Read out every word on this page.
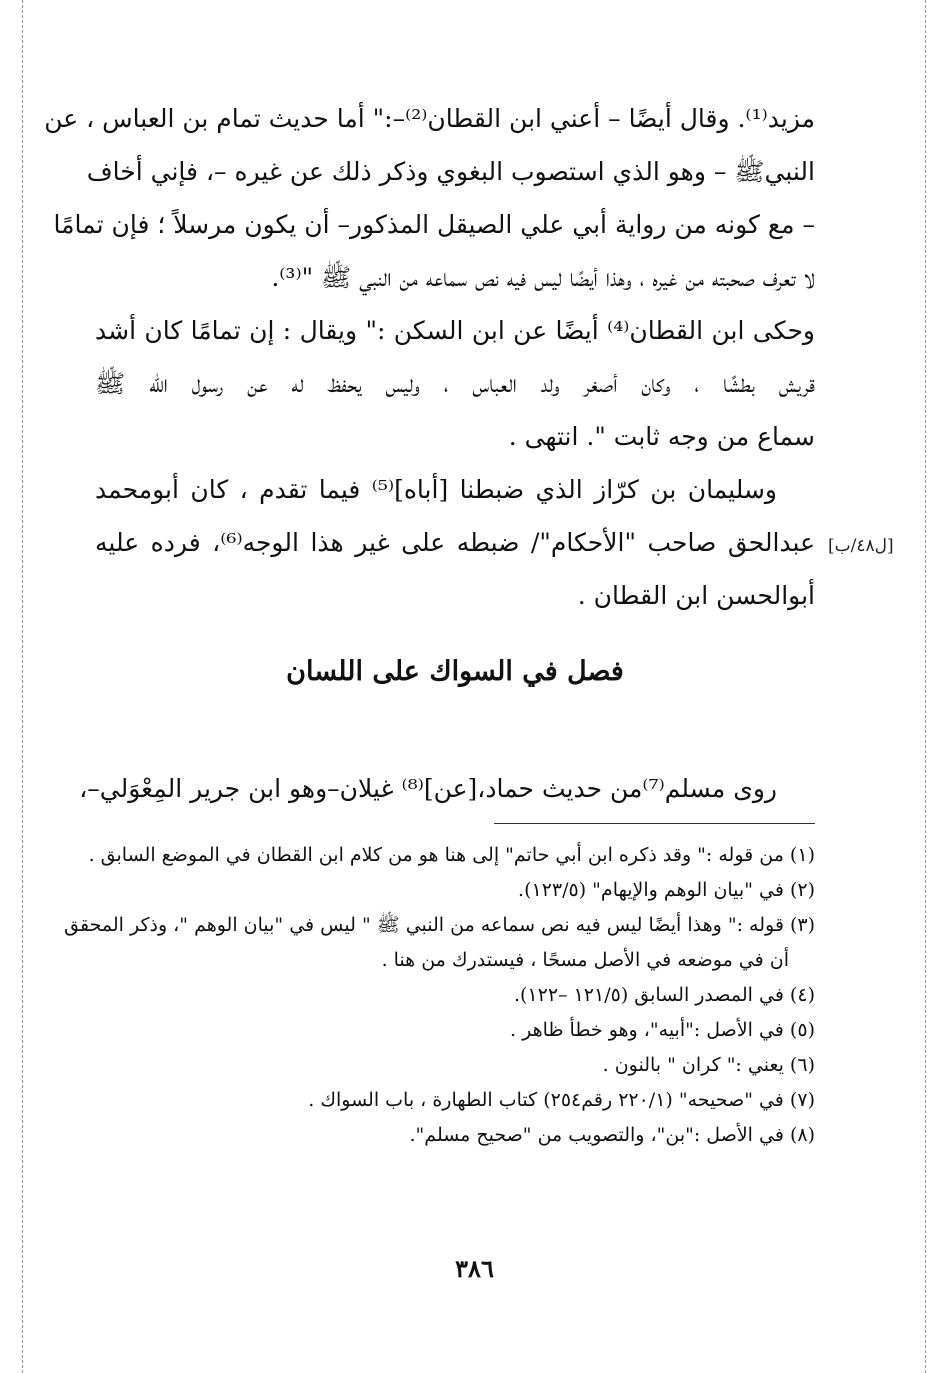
[ل٤٨/ب]
مزيد⁽¹⁾. وقال أيضًا – أعني ابن القطان⁽²⁾–:" أما حديث تمام بن العباس ، عن
النبيﷺ – وهو الذي استصوب البغوي وذكر ذلك عن غيره –، فإني أخاف
– مع كونه من رواية أبي علي الصيقل المذكور– أن يكون مرسلاً ؛ فإن تمامًا
لا تعرف صحبته من غيره ، وهذا أيضًا ليس فيه نص سماعه من النبي ﷺ "⁽³⁾.
وحكى ابن القطان⁽⁴⁾ أيضًا عن ابن السكن :" ويقال : إن تمامًا كان أشد
قريش بطشًا ، وكان أصغر ولد العباس ، وليس يحفظ له عن رسول الله ﷺ
سماع من وجه ثابت ". انتهى .
وسليمان بن كرّاز الذي ضبطنا [أباه]⁽⁵⁾ فيما تقدم ، كان أبومحمد
عبدالحق صاحب "الأحكام"/ ضبطه على غير هذا الوجه⁽⁶⁾، فرده عليه
أبوالحسن ابن القطان .
فصل في السواك على اللسان
روى مسلم⁽⁷⁾من حديث حماد،[عن]⁽⁸⁾ غيلان–وهو ابن جرير المِعْوَلي–،
(١) من قوله :" وقد ذكره ابن أبي حاتم" إلى هنا هو من كلام ابن القطان في الموضع السابق .
(٢) في "بيان الوهم والإيهام" (١٢٣/٥).
(٣) قوله :" وهذا أيضًا ليس فيه نص سماعه من النبي ﷺ " ليس في "بيان الوهم "، وذكر المحقق
أن في موضعه في الأصل مسحًا ، فيستدرك من هنا .
(٤) في المصدر السابق (١٢١/٥ –١٢٢).
(٥) في الأصل :"أبيه"، وهو خطأ ظاهر .
(٦) يعني :" كران " بالنون .
(٧) في "صحيحه" (٢٢٠/١ رقم٢٥٤) كتاب الطهارة ، باب السواك .
(٨) في الأصل :"بن"، والتصويب من "صحيح مسلم".
٣٨٦
